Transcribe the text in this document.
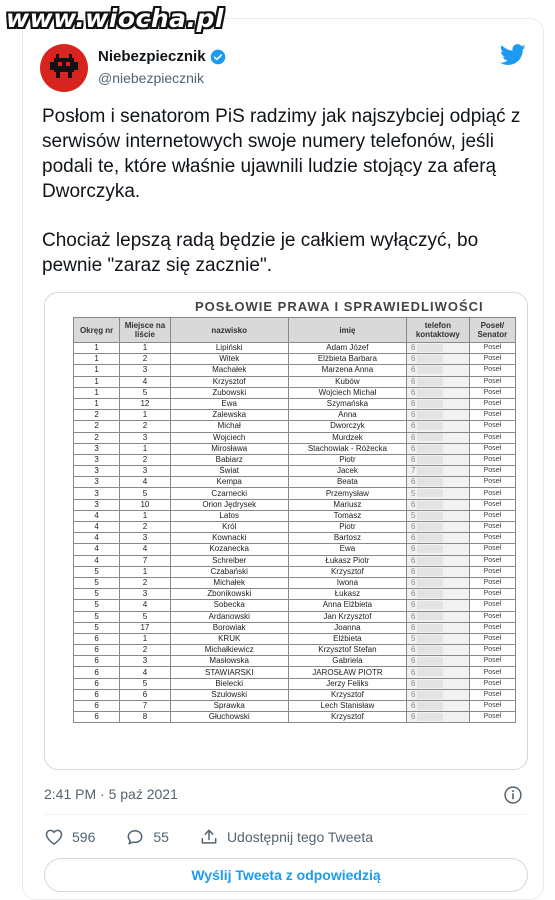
www.wiocha.pl
Niebezpiecznik
@niebezpiecznik

Posłom i senatorom PiS radzimy jak najszybciej odpiąć z serwisów internetowych swoje numery telefonów, jeśli podali te, które właśnie ujawnili ludzie stojący za aferą Dworczyka.

Chociaż lepszą radą będzie je całkiem wyłączyć, bo pewnie "zaraz się zacznie".

POSŁOWIE PRAWA I SPRAWIEDLIWOŚCI
Okręg nr	Miejsce na liście	nazwisko	imię	telefon kontaktowy	Poseł/ Senator
1	1	Lipiński	Adam Józef	6	Poseł
1	2	Witek	Elżbieta Barbara	6	Poseł
1	3	Machałek	Marzena Anna	6	Poseł
1	4	Krzysztof	Kubów	6	Poseł
1	5	Zubowski	Wojciech Michał	6	Poseł
1	12	Ewa	Szymańska	6	Poseł
2	1	Zalewska	Anna	6	Poseł
2	2	Michał	Dworczyk	6	Poseł
2	3	Wojciech	Murdzek	6	Poseł
3	1	Mirosława	Stachowiak - Różecka	6	Poseł
3	2	Babiarz	Piotr	6	Poseł
3	3	Świat	Jacek	7	Poseł
3	4	Kempa	Beata	6	Poseł
3	5	Czarnecki	Przemysław	5	Poseł
3	10	Orion Jędrysek	Mariusz	6	Poseł
4	1	Latos	Tomasz	5	Poseł
4	2	Król	Piotr	6	Poseł
4	3	Kownacki	Bartosz	6	Poseł
4	4	Kozanecka	Ewa	6	Poseł
4	7	Schreiber	Łukasz Piotr	6	Poseł
5	1	Czabański	Krzysztof	6	Poseł
5	2	Michałek	Iwona	6	Poseł
5	3	Zbonikowski	Łukasz	6	Poseł
5	4	Sobecka	Anna Elżbieta	6	Poseł
5	5	Ardanowski	Jan Krzysztof	6	Poseł
5	17	Borowiak	Joanna	6	Poseł
6	1	KRUK	Elżbieta	5	Poseł
6	2	Michałkiewicz	Krzysztof Stefan	6	Poseł
6	3	Masłowska	Gabriela	6	Poseł
6	4	STAWIARSKI	JAROSŁAW PIOTR	6	Poseł
6	5	Bielecki	Jerzy Feliks	6	Poseł
6	6	Szulowski	Krzysztof	6	Poseł
6	7	Sprawka	Lech Stanisław	6	Poseł
6	8	Głuchowski	Krzysztof	6	Poseł
2:41 PM · 5 paź 2021
596	55	Udostępnij tego Tweeta
Wyślij Tweeta z odpowiedzią
